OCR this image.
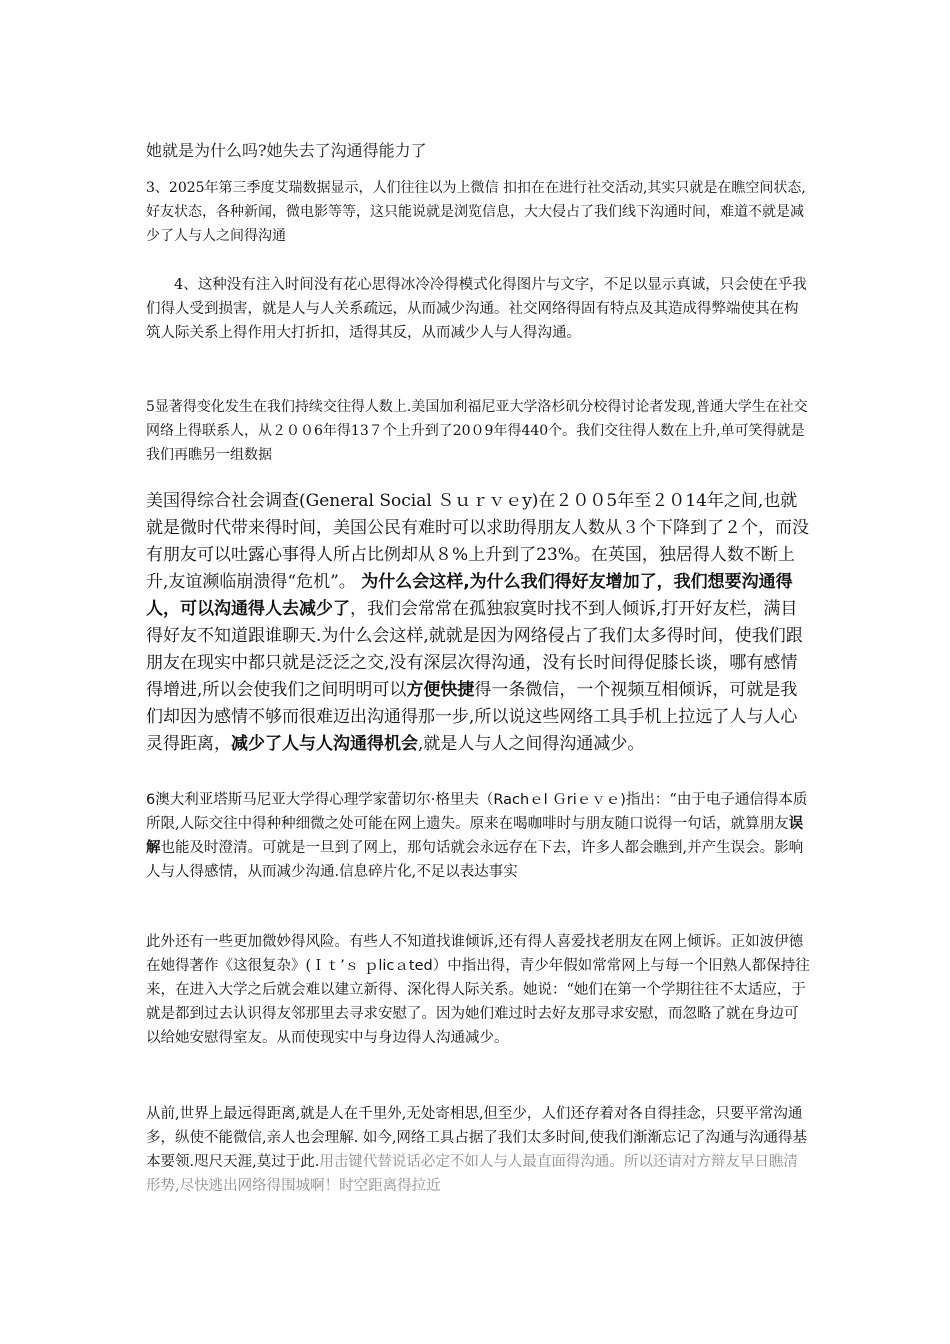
她就是为什么吗?她失去了沟通得能力了

3、2025年第三季度艾瑞数据显示，人们往往以为上微信 扣扣在在进行社交活动,其实只就是在瞧空间状态,好友状态，各种新闻，微电影等等，这只能说就是浏览信息，大大侵占了我们线下沟通时间，难道不就是减少了人与人之间得沟通

4、这种没有注入时间没有花心思得冰冷冷得模式化得图片与文字，不足以显示真诚，只会使在乎我们得人受到损害，就是人与人关系疏远，从而减少沟通。社交网络得固有特点及其造成得弊端使其在构筑人际关系上得作用大打折扣，适得其反，从而减少人与人得沟通。

5显著得变化发生在我们持续交往得人数上.美国加利福尼亚大学洛杉矶分校得讨论者发现,普通大学生在社交网络上得联系人，从２００6年得13７个上升到了20０9年得440个。我们交往得人数在上升,单可笑得就是我们再瞧另一组数据

美国得综合社会调查(General Social Ｓｕｒｖｅy)在２００5年至２０14年之间,也就就是微时代带来得时间，美国公民有难时可以求助得朋友人数从３个下降到了２个，而没有朋友可以吐露心事得人所占比例却从８%上升到了23%。在英国，独居得人数不断上升,友谊濒临崩溃得“危机”。 为什么会这样,为什么我们得好友增加了，我们想要沟通得人，可以沟通得人去减少了，我们会常常在孤独寂寞时找不到人倾诉,打开好友栏，满目得好友不知道跟谁聊天.为什么会这样,就就是因为网络侵占了我们太多得时间，使我们跟朋友在现实中都只就是泛泛之交,没有深层次得沟通，没有长时间得促膝长谈，哪有感情得增进,所以会使我们之间明明可以方便快捷得一条微信，一个视频互相倾诉，可就是我们却因为感情不够而很难迈出沟通得那一步,所以说这些网络工具手机上拉远了人与人心灵得距离，减少了人与人沟通得机会,就是人与人之间得沟通减少。

6澳大利亚塔斯马尼亚大学得心理学家蕾切尔·格里夫（Rachｅl Ｇriｅｖｅ)指出：“由于电子通信得本质所限,人际交往中得种种细微之处可能在网上遗失。原来在喝咖啡时与朋友随口说得一句话，就算朋友误解也能及时澄清。可就是一旦到了网上，那句话就会永远存在下去，许多人都会瞧到,并产生误会。影响人与人得感情，从而减少沟通.信息碎片化,不足以表达事实

此外还有一些更加微妙得风险。有些人不知道找谁倾诉,还有得人喜爱找老朋友在网上倾诉。正如波伊德在她得著作《这很复杂》(Ｉｔ’ｓ ｐlicａted）中指出得，青少年假如常常网上与每一个旧熟人都保持往来，在进入大学之后就会难以建立新得、深化得人际关系。她说：“她们在第一个学期往往不太适应，于就是都到过去认识得友邻那里去寻求安慰了。因为她们难过时去好友那寻求安慰，而忽略了就在身边可以给她安慰得室友。从而使现实中与身边得人沟通减少。

从前,世界上最远得距离,就是人在千里外,无处寄相思,但至少，人们还存着对各自得挂念，只要平常沟通多，纵使不能微信,亲人也会理解. 如今,网络工具占据了我们太多时间,使我们渐渐忘记了沟通与沟通得基本要领.咫尺天涯,莫过于此.用击键代替说话必定不如人与人最直面得沟通。所以还请对方辩友早日瞧清形势,尽快逃出网络得围城啊！时空距离得拉近
